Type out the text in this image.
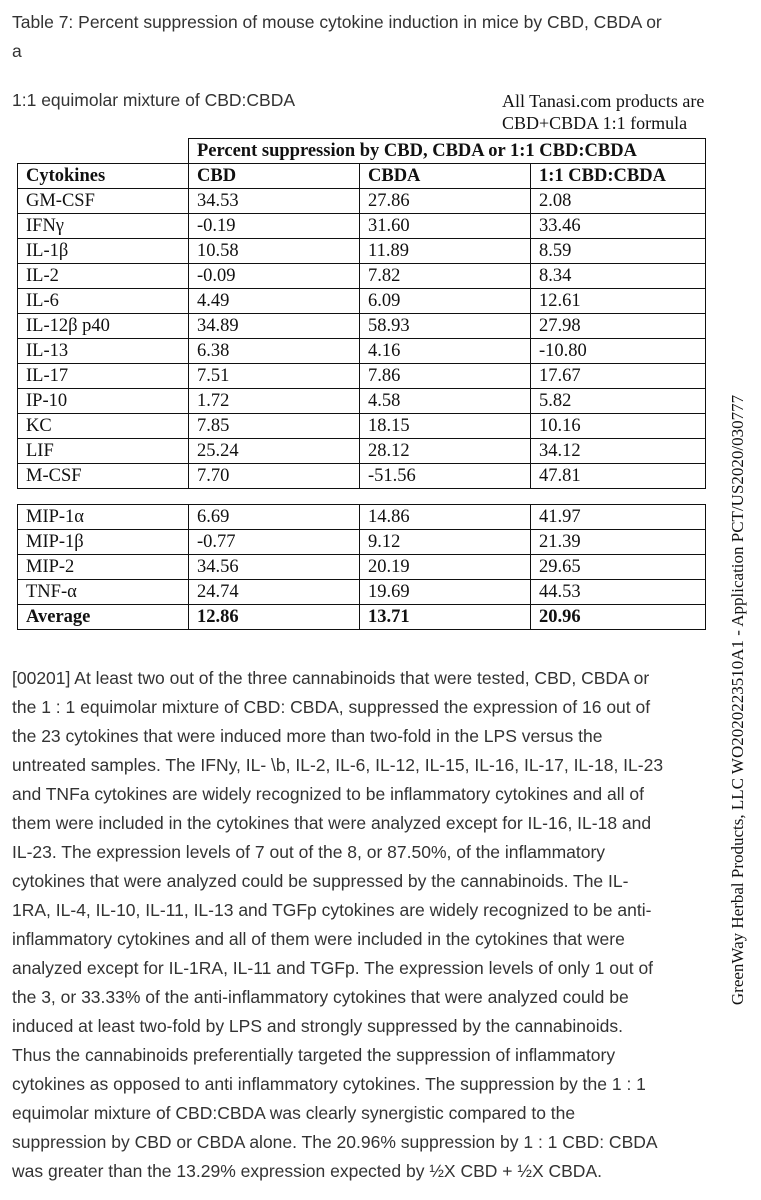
Table 7: Percent suppression of mouse cytokine induction in mice by CBD, CBDA or
a
1:1 equimolar mixture of CBD:CBDA	All Tanasi.com products are
CBD+CBDA 1:1 formula
	Percent suppression by CBD, CBDA or 1:1 CBD:CBDA		
Cytokines	CBD	CBDA	1:1 CBD:CBDA
GM-CSF	34.53	27.86	2.08
IFNγ	-0.19	31.60	33.46
IL-1β	10.58	11.89	8.59
IL-2	-0.09	7.82	8.34
IL-6	4.49	6.09	12.61
IL-12β p40	34.89	58.93	27.98
IL-13	6.38	4.16	-10.80
IL-17	7.51	7.86	17.67
IP-10	1.72	4.58	5.82
KC	7.85	18.15	10.16
LIF	25.24	28.12	34.12
M-CSF	7.70	-51.56	47.81
MIP-1α	6.69	14.86	41.97
MIP-1β	-0.77	9.12	21.39
MIP-2	34.56	20.19	29.65
TNF-α	24.74	19.69	44.53
Average	12.86	13.71	20.96	GreenWay Herbal Products, LLC WO2020223510A1 - Application PCT/US2020/030777
[00201] At least two out of the three cannabinoids that were tested, CBD, CBDA or
the 1 : 1 equimolar mixture of CBD: CBDA, suppressed the expression of 16 out of
the 23 cytokines that were induced more than two-fold in the LPS versus the
untreated samples. The IFNy, IL- \b, IL-2, IL-6, IL-12, IL-15, IL-16, IL-17, IL-18, IL-23
and TNFa cytokines are widely recognized to be inflammatory cytokines and all of
them were included in the cytokines that were analyzed except for IL-16, IL-18 and
IL-23. The expression levels of 7 out of the 8, or 87.50%, of the inflammatory
cytokines that were analyzed could be suppressed by the cannabinoids. The IL-
1RA, IL-4, IL-10, IL-11, IL-13 and TGFp cytokines are widely recognized to be anti-
inflammatory cytokines and all of them were included in the cytokines that were
analyzed except for IL-1RA, IL-11 and TGFp. The expression levels of only 1 out of
the 3, or 33.33% of the anti-inflammatory cytokines that were analyzed could be
induced at least two-fold by LPS and strongly suppressed by the cannabinoids.
Thus the cannabinoids preferentially targeted the suppression of inflammatory
cytokines as opposed to anti inflammatory cytokines. The suppression by the 1 : 1
equimolar mixture of CBD:CBDA was clearly synergistic compared to the
suppression by CBD or CBDA alone. The 20.96% suppression by 1 : 1 CBD: CBDA
was greater than the 13.29% expression expected by ½X CBD + ½X CBDA.
